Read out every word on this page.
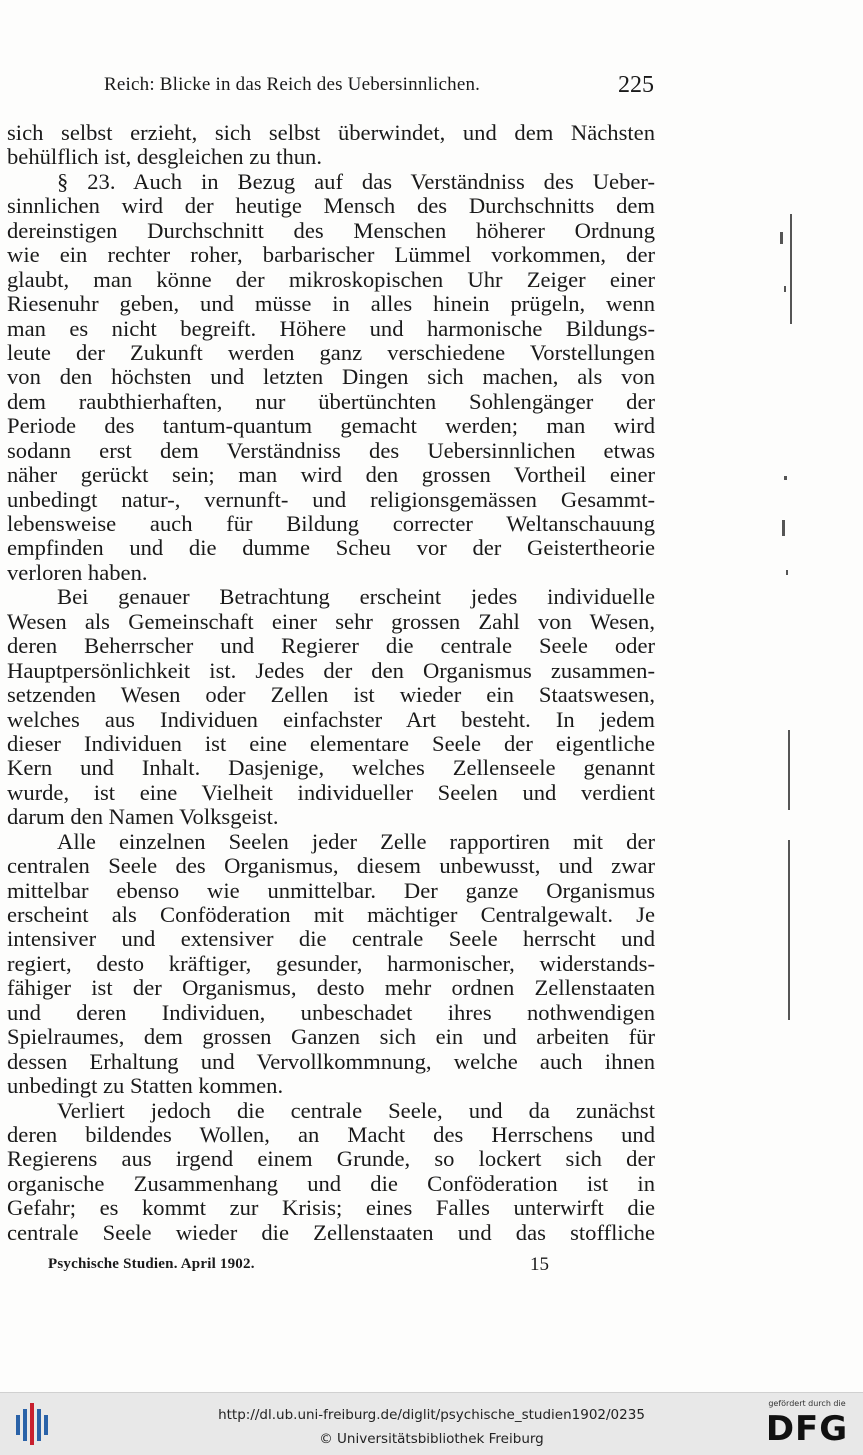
Reich: Blicke in das Reich des Uebersinnlichen.	225
sich selbst erzieht, sich selbst überwindet, und dem Nächsten
behülflich ist, desgleichen zu thun.
§ 23. Auch in Bezug auf das Verständniss des Ueber-
sinnlichen wird der heutige Mensch des Durchschnitts dem
dereinstigen Durchschnitt des Menschen höherer Ordnung
wie ein rechter roher, barbarischer Lümmel vorkommen, der
glaubt, man könne der mikroskopischen Uhr Zeiger einer
Riesenuhr geben, und müsse in alles hinein prügeln, wenn
man es nicht begreift. Höhere und harmonische Bildungs-
leute der Zukunft werden ganz verschiedene Vorstellungen
von den höchsten und letzten Dingen sich machen, als von
dem raubthierhaften, nur übertünchten Sohlengänger der
Periode des tantum-quantum gemacht werden; man wird
sodann erst dem Verständniss des Uebersinnlichen etwas
näher gerückt sein; man wird den grossen Vortheil einer
unbedingt natur-, vernunft- und religionsgemässen Gesammt-
lebensweise auch für Bildung correcter Weltanschauung
empfinden und die dumme Scheu vor der Geistertheorie
verloren haben.
Bei genauer Betrachtung erscheint jedes individuelle
Wesen als Gemeinschaft einer sehr grossen Zahl von Wesen,
deren Beherrscher und Regierer die centrale Seele oder
Hauptpersönlichkeit ist. Jedes der den Organismus zusammen-
setzenden Wesen oder Zellen ist wieder ein Staatswesen,
welches aus Individuen einfachster Art besteht. In jedem
dieser Individuen ist eine elementare Seele der eigentliche
Kern und Inhalt. Dasjenige, welches Zellenseele genannt
wurde, ist eine Vielheit individueller Seelen und verdient
darum den Namen Volksgeist.
Alle einzelnen Seelen jeder Zelle rapportiren mit der
centralen Seele des Organismus, diesem unbewusst, und zwar
mittelbar ebenso wie unmittelbar. Der ganze Organismus
erscheint als Conföderation mit mächtiger Centralgewalt. Je
intensiver und extensiver die centrale Seele herrscht und
regiert, desto kräftiger, gesunder, harmonischer, widerstands-
fähiger ist der Organismus, desto mehr ordnen Zellenstaaten
und deren Individuen, unbeschadet ihres nothwendigen
Spielraumes, dem grossen Ganzen sich ein und arbeiten für
dessen Erhaltung und Vervollkommnung, welche auch ihnen
unbedingt zu Statten kommen.
Verliert jedoch die centrale Seele, und da zunächst
deren bildendes Wollen, an Macht des Herrschens und
Regierens aus irgend einem Grunde, so lockert sich der
organische Zusammenhang und die Conföderation ist in
Gefahr; es kommt zur Krisis; eines Falles unterwirft die
centrale Seele wieder die Zellenstaaten und das stoffliche
Psychische Studien. April 1902.	15
http://dl.ub.uni-freiburg.de/diglit/psychische_studien1902/0235
© Universitätsbibliothek Freiburg
gefördert durch die
DFG
